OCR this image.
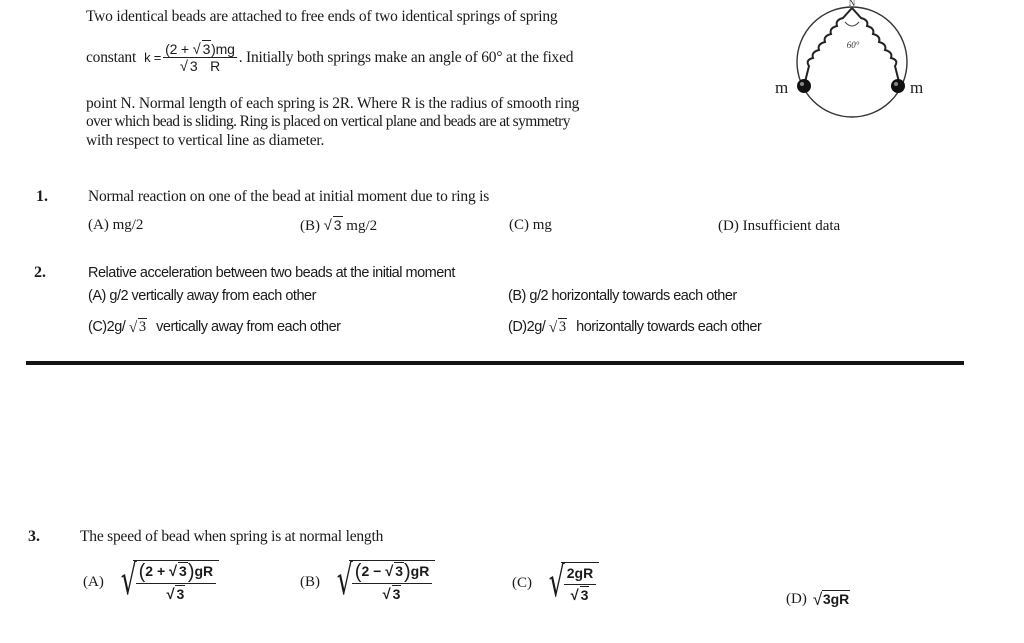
Two identical beads are attached to free ends of two identical springs of spring
constant $k = \frac{(2 + √ 3)mg}{√ 3 R}$ . Initially both springs make an angle of 60° at the fixed
point N. Normal length of each spring is 2R. Where R is the radius of smooth ring
over which bead is sliding. Ring is placed on vertical plane and beads are at symmetry
with respect to vertical line as diameter.
N
60°
m	m
1.	Normal reaction on one of the bead at initial moment due to ring is
(A) mg/2	(B) √ 3 mg/2	(C) mg	(D) Insufficient data
2.	Relative acceleration between two beads at the initial moment
(A) g/2 vertically away from each other	(B) g/2 horizontally towards each other
(C)2g/ √ 3 vertically away from each other	(D)2g/ √ 3 horizontally towards each other
3.	The speed of bead when spring is at normal length
(A) √ $\frac{(2 + √ 3)gR}{√ 3}$	(B) √ $\frac{(2 - √ 3)gR}{√ 3}$	(C) √ $\frac{2gR}{√ 3}$	(D) √ 3gR
